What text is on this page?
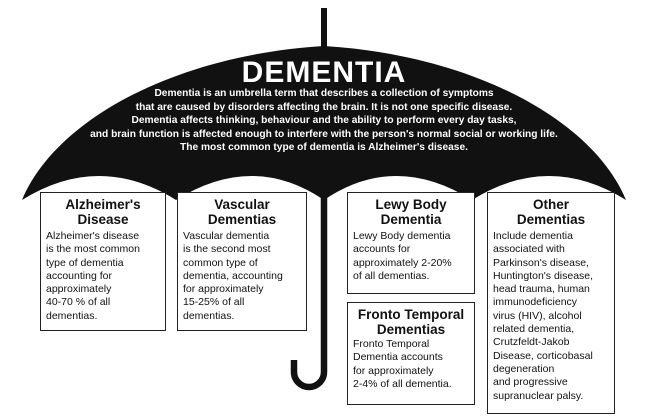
DEMENTIA
Dementia is an umbrella term that describes a collection of symptoms
that are caused by disorders affecting the brain. It is not one specific disease.
Dementia affects thinking, behaviour and the ability to perform every day tasks,
and brain function is affected enough to interfere with the person's normal social or working life.
The most common type of dementia is Alzheimer's disease.
Alzheimer's
Disease
Alzheimer's disease
is the most common
type of dementia
accounting for
approximately
40-70 % of all
dementias.
Vascular
Dementias
Vascular dementia
is the second most
common type of
dementia, accounting
for approximately
15-25% of all
dementias.
Lewy Body
Dementia
Lewy Body dementia
accounts for
approximately 2-20%
of all dementias.
Fronto Temporal
Dementias
Fronto Temporal
Dementia accounts
for approximately
2-4% of all dementia.
Other
Dementias
Include dementia
associated with
Parkinson's disease,
Huntington's disease,
head trauma, human
immunodeficiency
virus (HIV), alcohol
related dementia,
Crutzfeldt-Jakob
Disease, corticobasal
degeneration
and progressive
supranuclear palsy.
